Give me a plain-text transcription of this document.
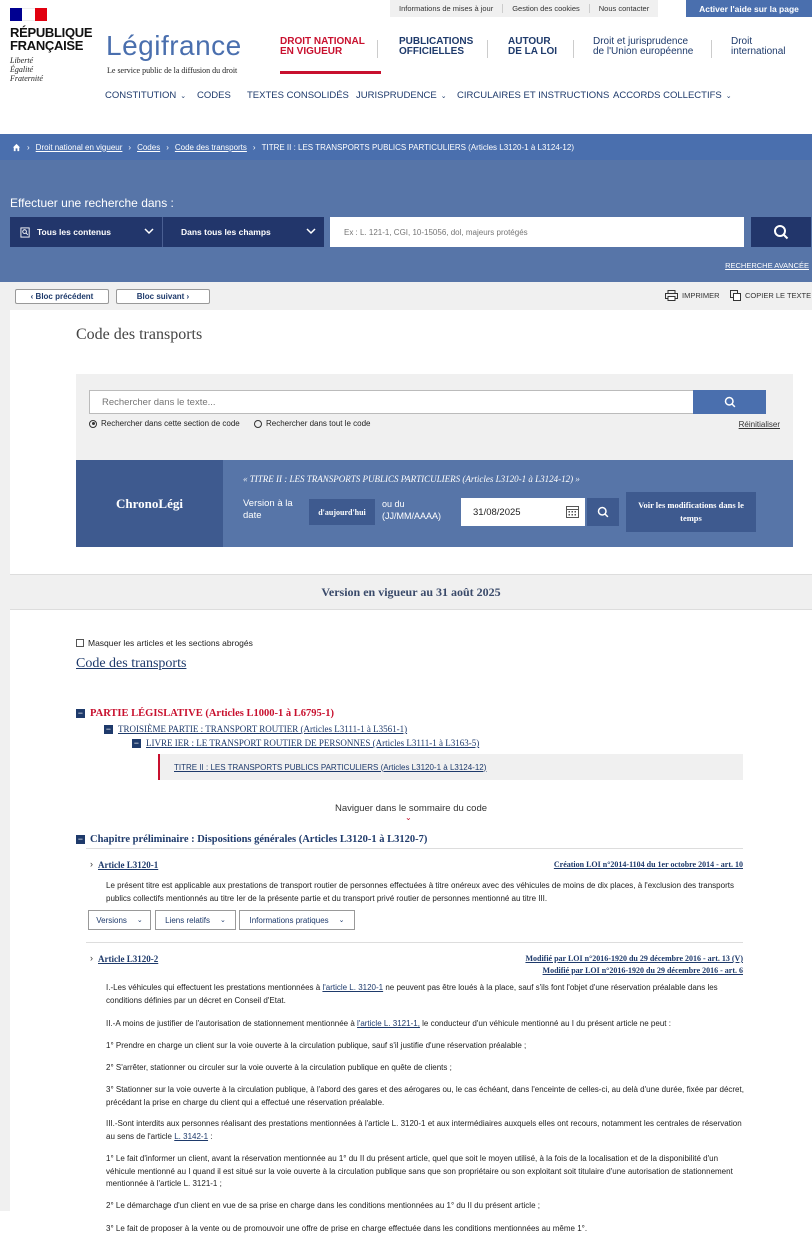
RÉPUBLIQUE FRANÇAISE
Liberté
Égalité
Fraternité
Légifrance
Le service public de la diffusion du droit
Informations de mises à jour	Gestion des cookies	Nous contacter	Activer l'aide sur la page
DROIT NATIONAL
EN VIGUEUR
PUBLICATIONS
OFFICIELLES
AUTOUR
DE LA LOI
Droit et jurisprudence
de l'Union européenne
Droit
international
CONSTITUTION ⌄ CODES TEXTES CONSOLIDÉS JURISPRUDENCE ⌄ CIRCULAIRES ET INSTRUCTIONS ACCORDS COLLECTIFS ⌄
› Droit national en vigueur › Codes › Code des transports › TITRE II : LES TRANSPORTS PUBLICS PARTICULIERS (Articles L3120-1 à L3124-12)
Effectuer une recherche dans :
Tous les contenus	Dans tous les champs
Ex : L. 121-1, CGI, 10-15056, dol, majeurs protégés
RECHERCHE AVANCÉE
‹ Bloc précédent	Bloc suivant ›	IMPRIMER	COPIER LE TEXTE
Code des transports
Rechercher dans le texte...
Rechercher dans cette section de code	Rechercher dans tout le code	Réinitialiser
ChronoLégi
« TITRE II : LES TRANSPORTS PUBLICS PARTICULIERS (Articles L3120-1 à L3124-12) »
Version à la date	d'aujourd'hui
ou du (JJ/MM/AAAA)	31/08/2025
Voir les modifications dans le temps
Version en vigueur au 31 août 2025
Masquer les articles et les sections abrogés
Code des transports
− PARTIE LÉGISLATIVE (Articles L1000-1 à L6795-1)
− TROISIÈME PARTIE : TRANSPORT ROUTIER (Articles L3111-1 à L3561-1)
− LIVRE IER : LE TRANSPORT ROUTIER DE PERSONNES (Articles L3111-1 à L3163-5)
TITRE II : LES TRANSPORTS PUBLICS PARTICULIERS (Articles L3120-1 à L3124-12)
Naviguer dans le sommaire du code
⌄
− Chapitre préliminaire : Dispositions générales (Articles L3120-1 à L3120-7)
› Article L3120-1	Création LOI n°2014-1104 du 1er octobre 2014 - art. 10
Le présent titre est applicable aux prestations de transport routier de personnes effectuées à titre onéreux avec des véhicules de moins de dix places, à l'exclusion des transports publics collectifs mentionnés au titre Ier de la présente partie et du transport privé routier de personnes mentionné au titre III.
Versions ⌄	Liens relatifs ⌄	Informations pratiques ⌄
› Article L3120-2	Modifié par LOI n°2016-1920 du 29 décembre 2016 - art. 13 (V)
Modifié par LOI n°2016-1920 du 29 décembre 2016 - art. 6
I.-Les véhicules qui effectuent les prestations mentionnées à l'article L. 3120-1 ne peuvent pas être loués à la place, sauf s'ils font l'objet d'une réservation préalable dans les conditions définies par un décret en Conseil d'Etat.
II.-A moins de justifier de l'autorisation de stationnement mentionnée à l'article L. 3121-1, le conducteur d'un véhicule mentionné au I du présent article ne peut :
1° Prendre en charge un client sur la voie ouverte à la circulation publique, sauf s'il justifie d'une réservation préalable ;
2° S'arrêter, stationner ou circuler sur la voie ouverte à la circulation publique en quête de clients ;
3° Stationner sur la voie ouverte à la circulation publique, à l'abord des gares et des aérogares ou, le cas échéant, dans l'enceinte de celles-ci, au delà d'une durée, fixée par décret, précédant la prise en charge du client qui a effectué une réservation préalable.
III.-Sont interdits aux personnes réalisant des prestations mentionnées à l'article L. 3120-1 et aux intermédiaires auxquels elles ont recours, notamment les centrales de réservation au sens de l'article L. 3142-1 :
1° Le fait d'informer un client, avant la réservation mentionnée au 1° du II du présent article, quel que soit le moyen utilisé, à la fois de la localisation et de la disponibilité d'un véhicule mentionné au I quand il est situé sur la voie ouverte à la circulation publique sans que son propriétaire ou son exploitant soit titulaire d'une autorisation de stationnement mentionnée à l'article L. 3121-1 ;
2° Le démarchage d'un client en vue de sa prise en charge dans les conditions mentionnées au 1° du II du présent article ;
3° Le fait de proposer à la vente ou de promouvoir une offre de prise en charge effectuée dans les conditions mentionnées au même 1°.
